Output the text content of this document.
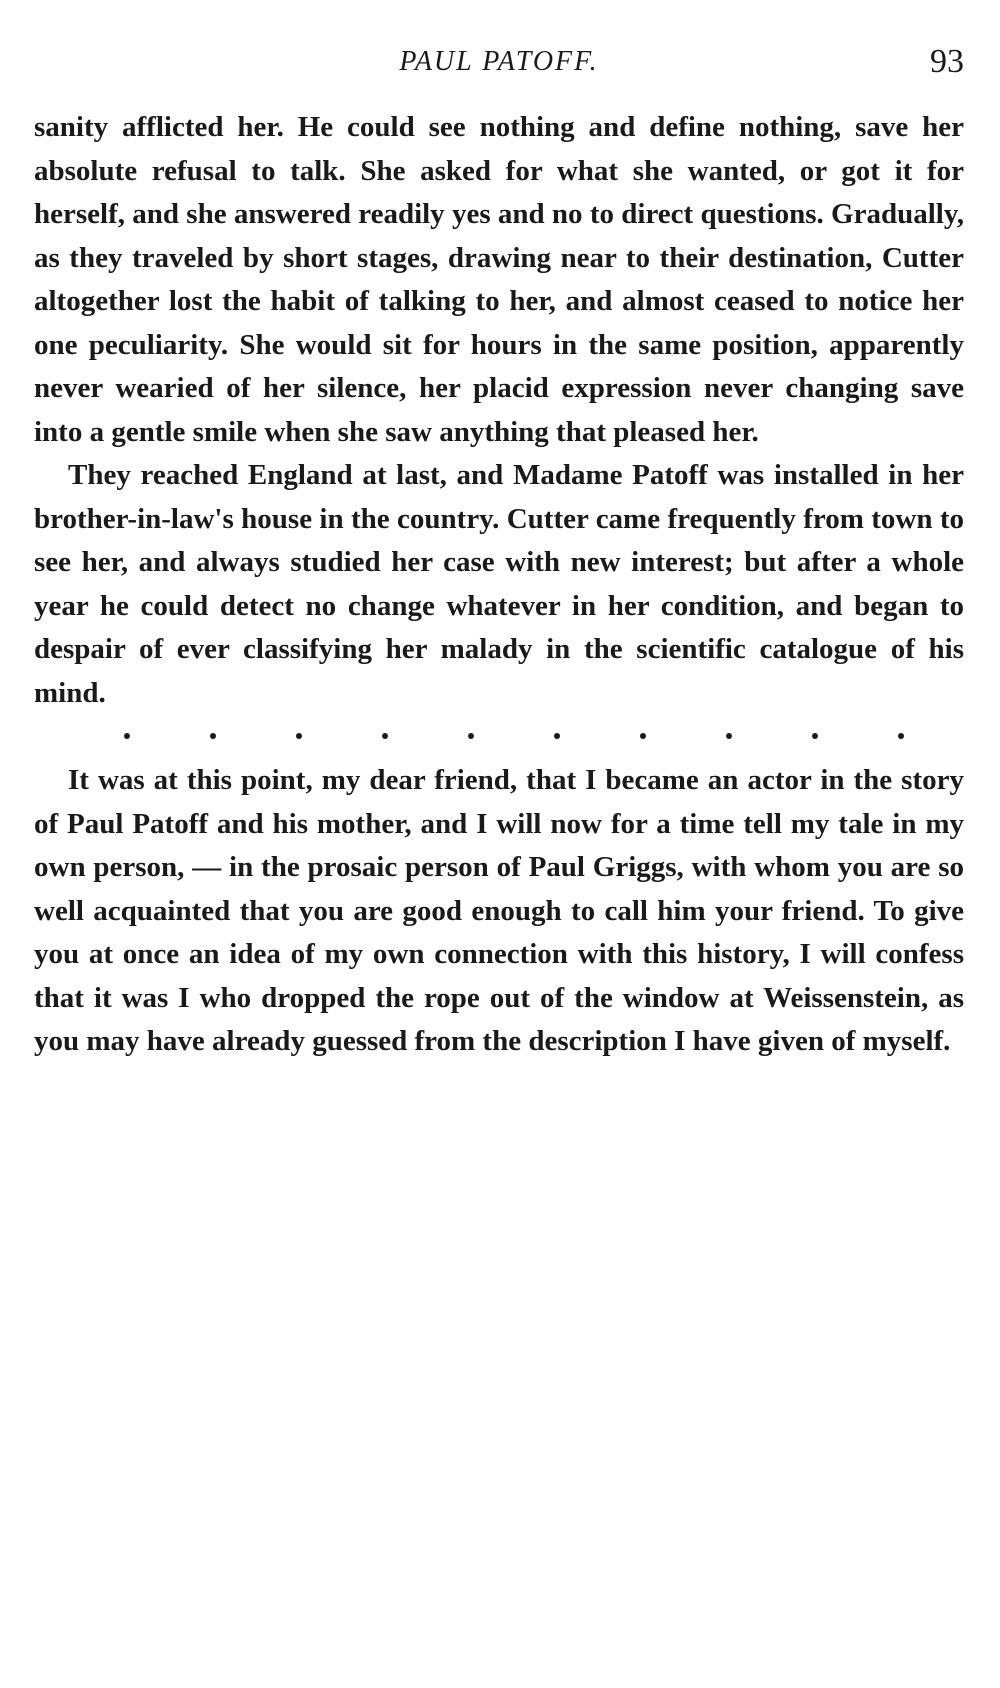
PAUL PATOFF.	93

sanity afflicted her. He could see nothing and define nothing, save her absolute refusal to talk. She asked for what she wanted, or got it for herself, and she answered readily yes and no to direct questions. Gradually, as they traveled by short stages, drawing near to their destination, Cutter altogether lost the habit of talking to her, and almost ceased to notice her one peculiarity. She would sit for hours in the same position, apparently never wearied of her silence, her placid expression never changing save into a gentle smile when she saw anything that pleased her.

They reached England at last, and Madame Patoff was installed in her brother-in-law's house in the country. Cutter came frequently from town to see her, and always studied her case with new interest; but after a whole year he could detect no change whatever in her condition, and began to despair of ever classifying her malady in the scientific catalogue of his mind.

It was at this point, my dear friend, that I became an actor in the story of Paul Patoff and his mother, and I will now for a time tell my tale in my own person, — in the prosaic person of Paul Griggs, with whom you are so well acquainted that you are good enough to call him your friend. To give you at once an idea of my own connection with this history, I will confess that it was I who dropped the rope out of the window at Weissenstein, as you may have already guessed from the description I have given of myself.
